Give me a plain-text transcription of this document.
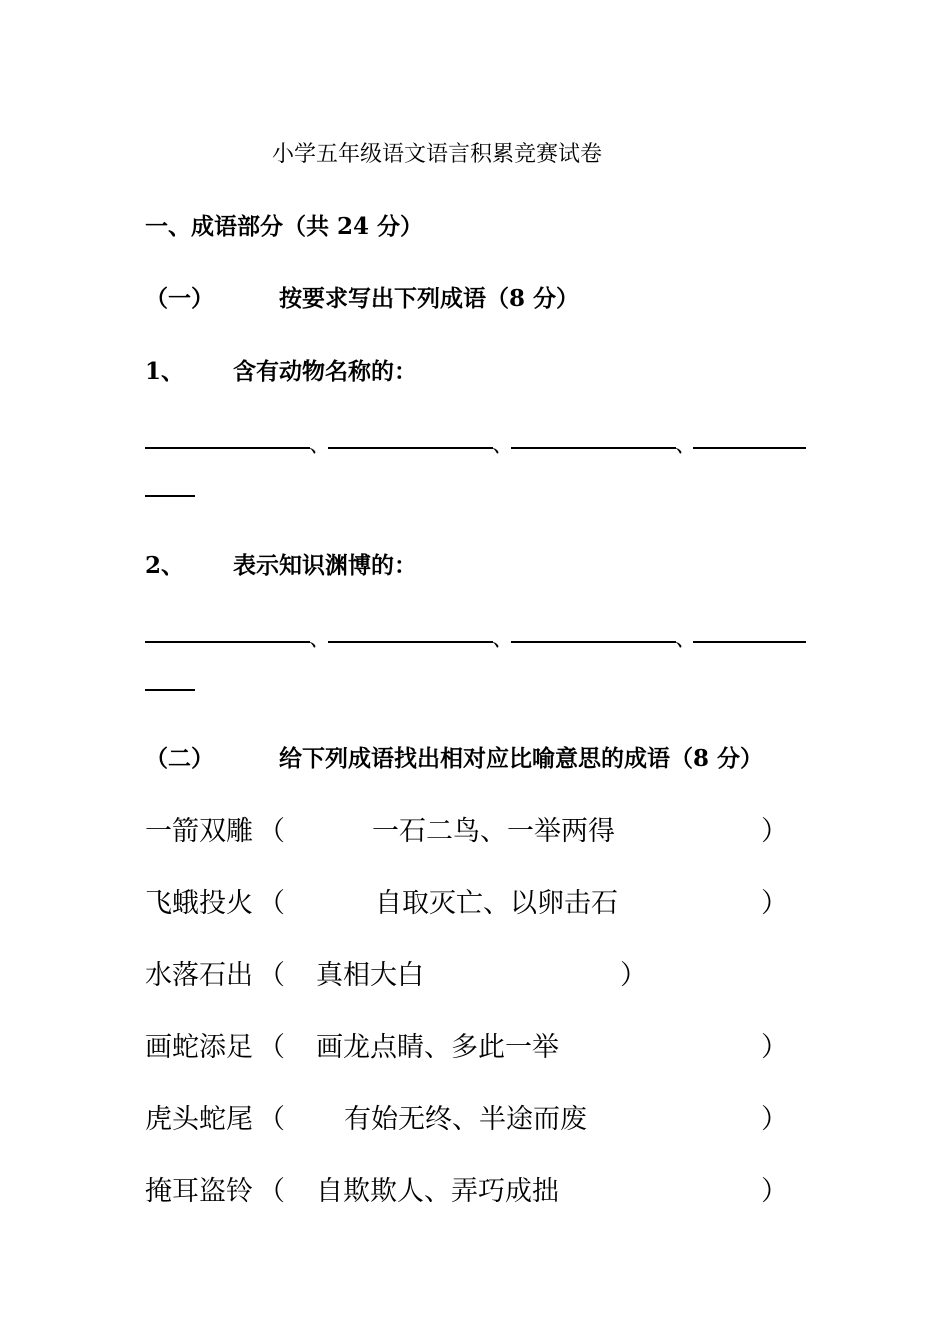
小学五年级语文语言积累竞赛试卷
一、成语部分（共 24 分）
（一）	按要求写出下列成语（8 分）
1、 含有动物名称的：
、	、	、
2、 表示知识渊博的：
、	、	、
（二）	给下列成语找出相对应比喻意思的成语（8 分）
一箭双雕 （	一石二鸟、一举两得	）
飞蛾投火 （	自取灭亡、以卵击石	）
水落石出 （ 真相大白	）
画蛇添足 （ 画龙点睛、多此一举	）
虎头蛇尾 （ 有始无终、半途而废	）
掩耳盗铃 （ 自欺欺人、弄巧成拙	）
